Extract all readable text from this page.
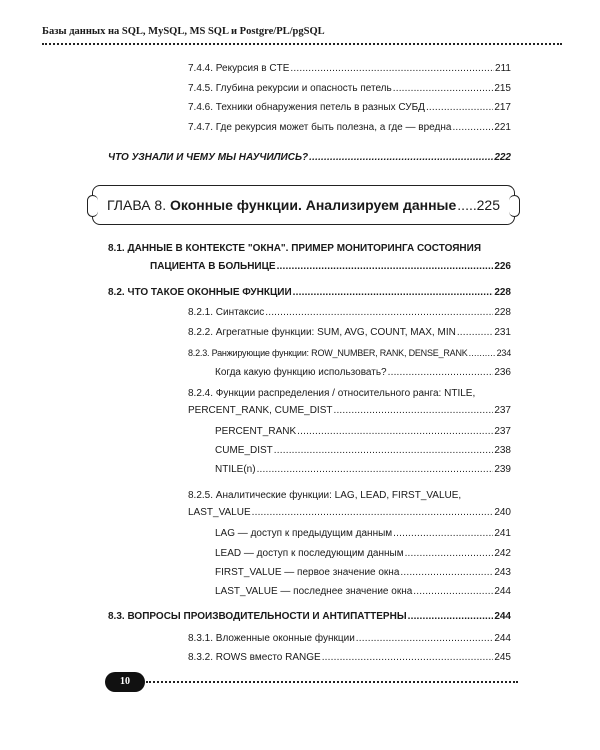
Базы данных на SQL, MySQL, MS SQL и Postgre/PL/pgSQL
7.4.4. Рекурсия в CTE .....	211
7.4.5. Глубина рекурсии и опасность петель .....	215
7.4.6. Техники обнаружения петель в разных СУБД .....	217
7.4.7. Где рекурсия может быть полезна, а где — вредна .....	221
ЧТО УЗНАЛИ И ЧЕМУ МЫ НАУЧИЛИСЬ? .....	222
ГЛАВА 8.
Оконные функции. Анализируем данные ..... 225
8.1. ДАННЫЕ В КОНТЕКСТЕ "ОКНА". ПРИМЕР МОНИТОРИНГА СОСТОЯНИЯ
ПАЦИЕНТА В БОЛЬНИЦЕ .....	226
8.2. ЧТО ТАКОЕ ОКОННЫЕ ФУНКЦИИ .....	228
8.2.1. Синтаксис .....	228
8.2.2. Агрегатные функции: SUM, AVG, COUNT, MAX, MIN .....	231
8.2.3. Ранжирующие функции: ROW_NUMBER, RANK, DENSE_RANK .....	234
Когда какую функцию использовать? .....	236
8.2.4. Функции распределения / относительного ранга: NTILE,
PERCENT_RANK, CUME_DIST .....	237
PERCENT_RANK .....	237
CUME_DIST .....	238
NTILE(n) .....	239
8.2.5. Аналитические функции: LAG, LEAD, FIRST_VALUE,
LAST_VALUE .....	240
LAG — доступ к предыдущим данным .....	241
LEAD — доступ к последующим данным .....	242
FIRST_VALUE — первое значение окна .....	243
LAST_VALUE — последнее значение окна .....	244
8.3. ВОПРОСЫ ПРОИЗВОДИТЕЛЬНОСТИ И АНТИПАТТЕРНЫ .....	244
8.3.1. Вложенные оконные функции .....	244
8.3.2. ROWS вместо RANGE .....	245
10
